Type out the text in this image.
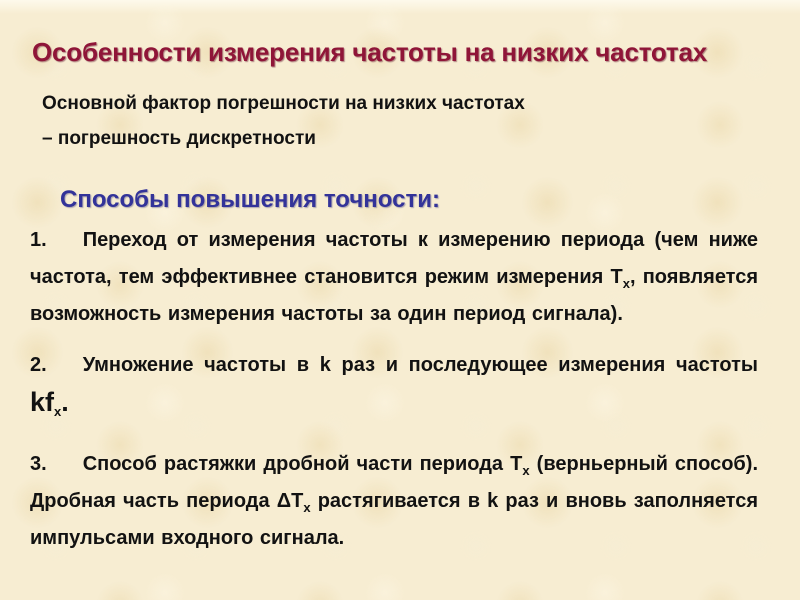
Особенности измерения частоты на низких частотах
Основной фактор погрешности на низких частотах
– погрешность дискретности
Способы повышения точности:

1. Переход от измерения частоты к измерению периода (чем ниже частота, тем эффективнее становится режим измерения $T_x$, появляется возможность измерения частоты за один период сигнала).

2. Умножение частоты в k раз и последующее измерения частоты $kf_x$.

3. Способ растяжки дробной части периода $T_x$ (верньерный способ). Дробная часть периода $\Delta T_x$ растягивается в k раз и вновь заполняется импульсами входного сигнала.
